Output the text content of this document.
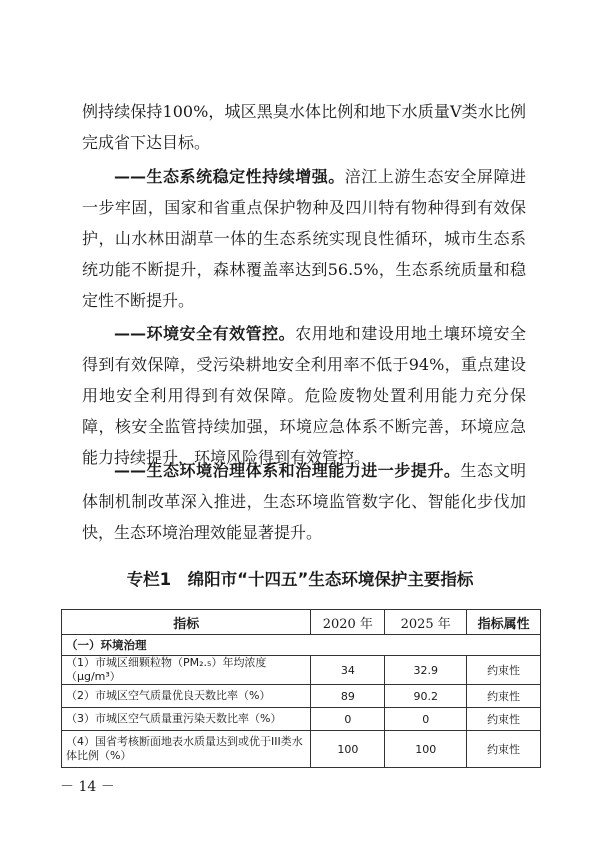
例持续保持100%，城区黑臭水体比例和地下水质量Ⅴ类水比例完成省下达目标。

——生态系统稳定性持续增强。涪江上游生态安全屏障进一步牢固，国家和省重点保护物种及四川特有物种得到有效保护，山水林田湖草一体的生态系统实现良性循环，城市生态系统功能不断提升，森林覆盖率达到56.5%，生态系统质量和稳定性不断提升。

——环境安全有效管控。农用地和建设用地土壤环境安全得到有效保障，受污染耕地安全利用率不低于94%，重点建设用地安全利用得到有效保障。危险废物处置利用能力充分保障，核安全监管持续加强，环境应急体系不断完善，环境应急能力持续提升，环境风险得到有效管控。

——生态环境治理体系和治理能力进一步提升。生态文明体制机制改革深入推进，生态环境监管数字化、智能化步伐加快，生态环境治理效能显著提升。

专栏1　绵阳市“十四五”生态环境保护主要指标
指标	2020 年	2025 年	指标属性
（一）环境治理			
（1）市城区细颗粒物（PM₂.₅）年均浓度（μg/m³）	34	32.9	约束性
（2）市城区空气质量优良天数比率（%）	89	90.2	约束性
（3）市城区空气质量重污染天数比率（%）	0	0	约束性
（4）国省考核断面地表水质量达到或优于III类水体比例（%）	100	100	约束性
－ 14 －
